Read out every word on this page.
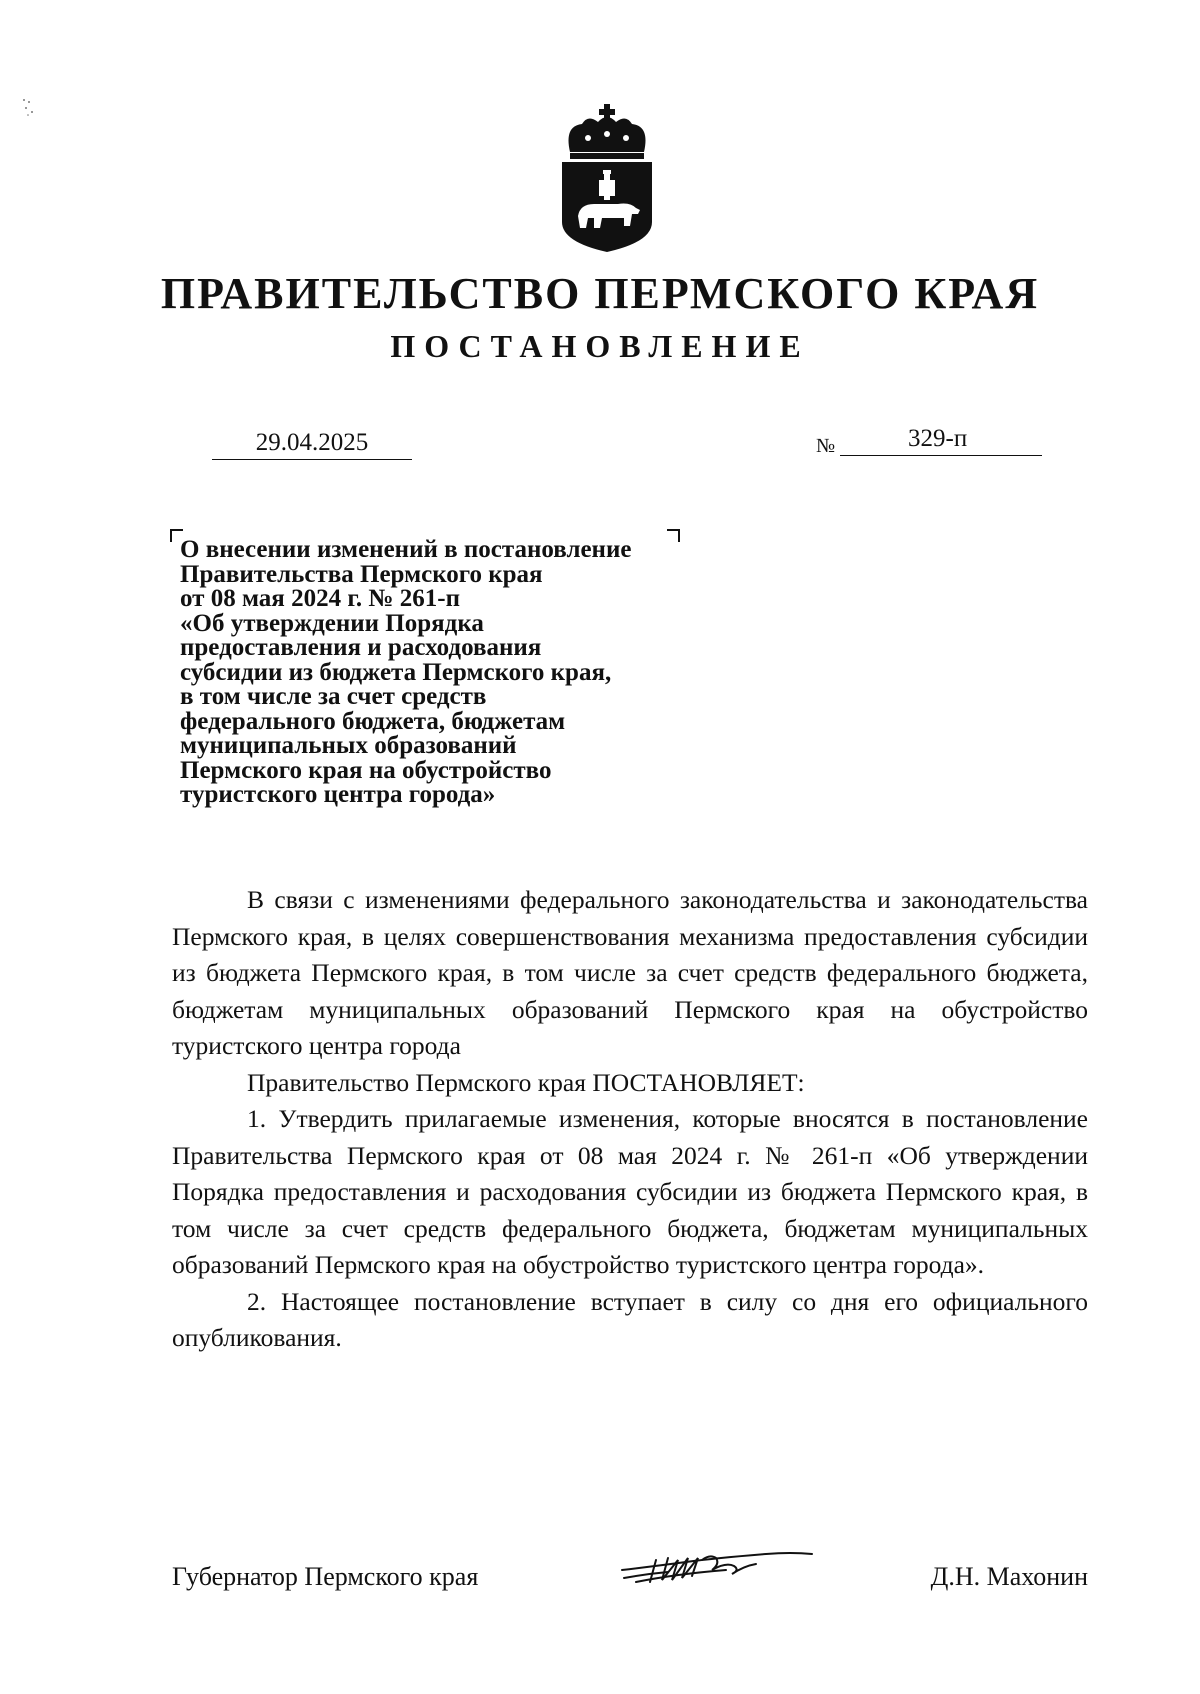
ПРАВИТЕЛЬСТВО ПЕРМСКОГО КРАЯ
ПОСТАНОВЛЕНИЕ
29.04.2025	№	329-п
О внесении изменений в постановление
Правительства Пермского края
от 08 мая 2024 г. № 261-п
«Об утверждении Порядка
предоставления и расходования
субсидии из бюджета Пермского края,
в том числе за счет средств
федерального бюджета, бюджетам
муниципальных образований
Пермского края на обустройство
туристского центра города»

В связи с изменениями федерального законодательства и законодательства Пермского края, в целях совершенствования механизма предоставления субсидии из бюджета Пермского края, в том числе за счет средств федерального бюджета, бюджетам муниципальных образований Пермского края на обустройство туристского центра города

Правительство Пермского края ПОСТАНОВЛЯЕТ:

1. Утвердить прилагаемые изменения, которые вносятся в постановление Правительства Пермского края от 08 мая 2024 г. № 261-п «Об утверждении Порядка предоставления и расходования субсидии из бюджета Пермского края, в том числе за счет средств федерального бюджета, бюджетам муниципальных образований Пермского края на обустройство туристского центра города».

2. Настоящее постановление вступает в силу со дня его официального опубликования.

Губернатор Пермского края	Д.Н. Махонин
